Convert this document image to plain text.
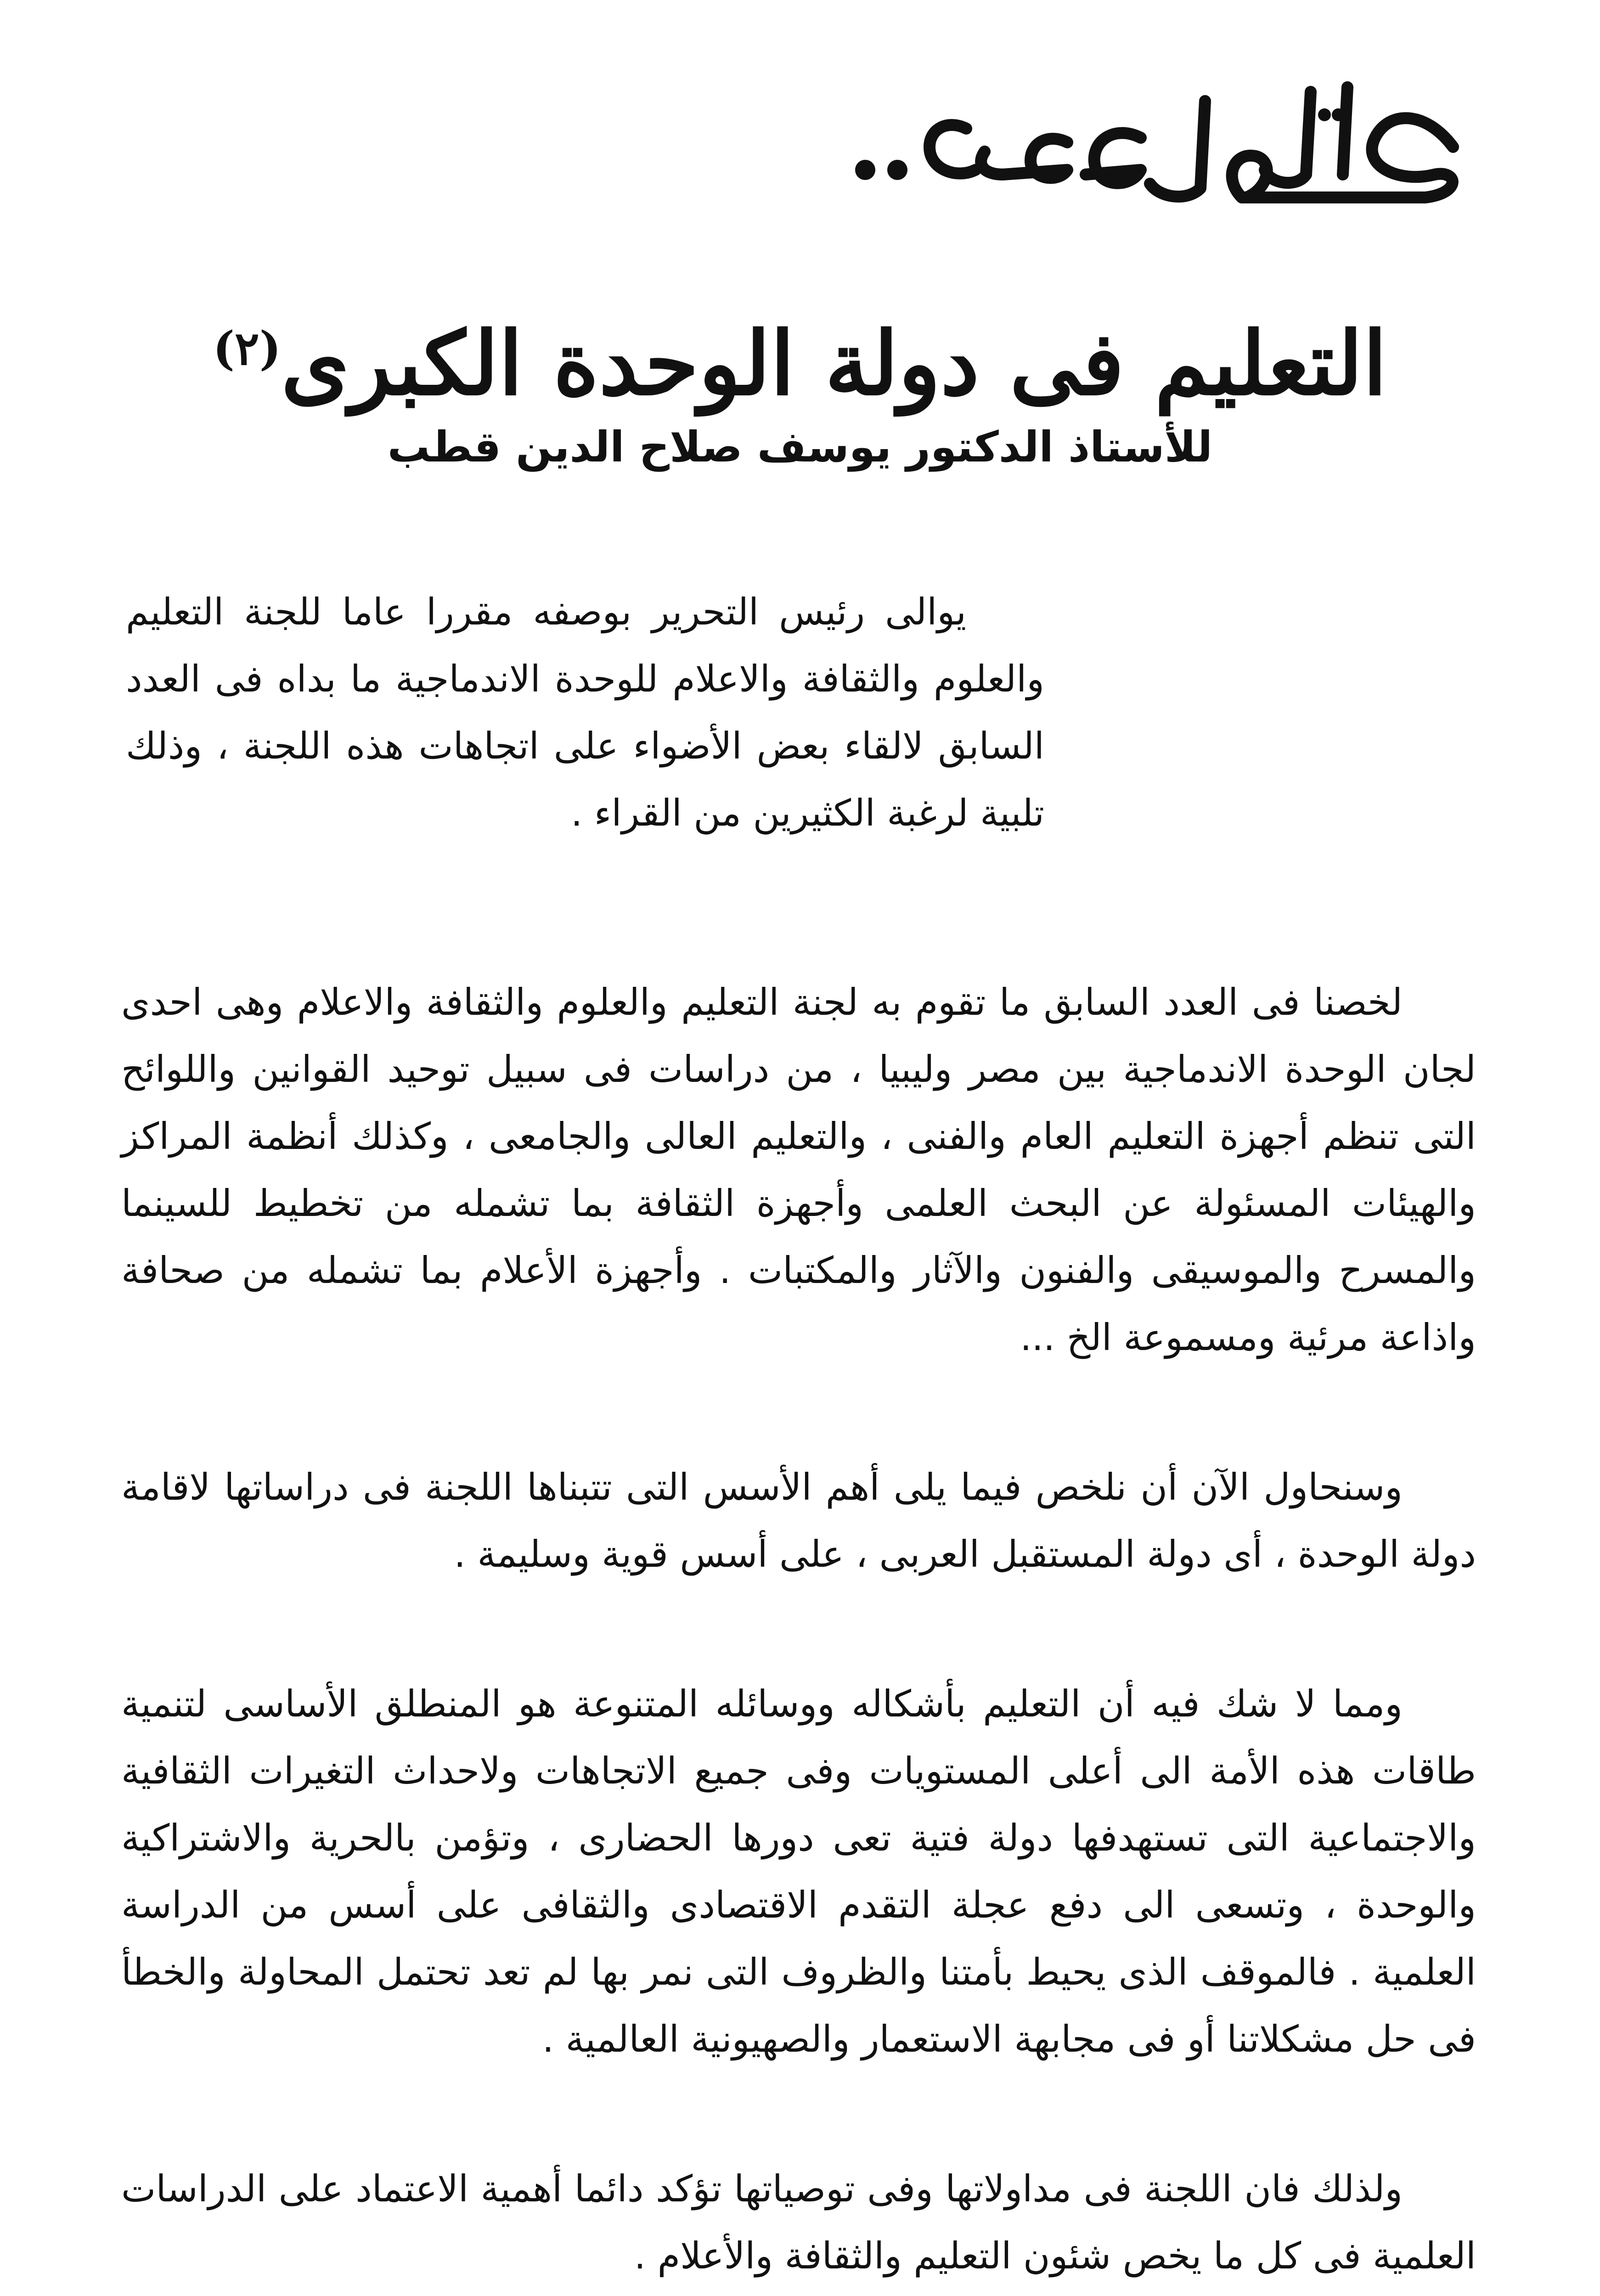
التعليم فى دولة الوحدة الكبرى$^{(٢)}$
للأستاذ الدكتور يوسف صلاح الدين قطب

يوالى رئيس التحرير بوصفه مقررا عاما للجنة التعليم والعلوم والثقافة والاعلام للوحدة الاندماجية ما بداه فى العدد السابق لالقاء بعض الأضواء على اتجاهات هذه اللجنة ، وذلك تلبية لرغبة الكثيرين من القراء .

لخصنا فى العدد السابق ما تقوم به لجنة التعليم والعلوم والثقافة والاعلام وهى احدى لجان الوحدة الاندماجية بين مصر وليبيا ، من دراسات فى سبيل توحيد القوانين واللوائح التى تنظم أجهزة التعليم العام والفنى ، والتعليم العالى والجامعى ، وكذلك أنظمة المراكز والهيئات المسئولة عن البحث العلمى وأجهزة الثقافة بما تشمله من تخطيط للسينما والمسرح والموسيقى والفنون والآثار والمكتبات . وأجهزة الأعلام بما تشمله من صحافة واذاعة مرئية ومسموعة الخ ...

وسنحاول الآن أن نلخص فيما يلى أهم الأسس التى تتبناها اللجنة فى دراساتها لاقامة دولة الوحدة ، أى دولة المستقبل العربى ، على أسس قوية وسليمة .

ومما لا شك فيه أن التعليم بأشكاله ووسائله المتنوعة هو المنطلق الأساسى لتنمية طاقات هذه الأمة الى أعلى المستويات وفى جميع الاتجاهات ولاحداث التغيرات الثقافية والاجتماعية التى تستهدفها دولة فتية تعى دورها الحضارى ، وتؤمن بالحرية والاشتراكية والوحدة ، وتسعى الى دفع عجلة التقدم الاقتصادى والثقافى على أسس من الدراسة العلمية . فالموقف الذى يحيط بأمتنا والظروف التى نمر بها لم تعد تحتمل المحاولة والخطأ فى حل مشكلاتنا أو فى مجابهة الاستعمار والصهيونية العالمية .

ولذلك فان اللجنة فى مداولاتها وفى توصياتها تؤكد دائما أهمية الاعتماد على الدراسات العلمية فى كل ما يخص شئون التعليم والثقافة والأعلام .
